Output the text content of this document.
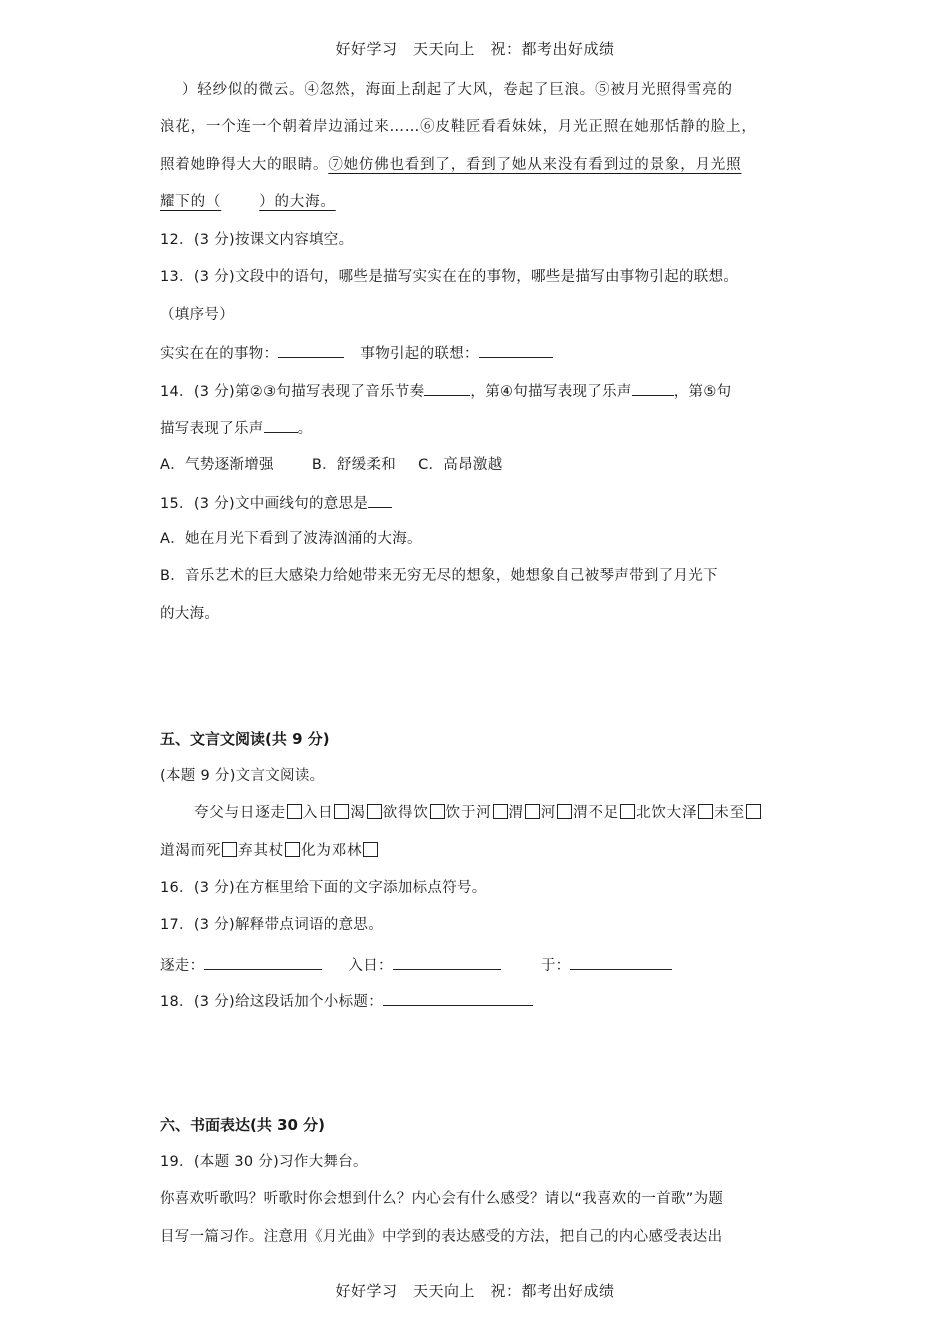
好好学习　天天向上　祝：都考出好成绩
）轻纱似的微云。④忽然，海面上刮起了大风，卷起了巨浪。⑤被月光照得雪亮的
浪花，一个连一个朝着岸边涌过来……⑥皮鞋匠看看妹妹，月光正照在她那恬静的脸上，
照着她睁得大大的眼睛。⑦她仿佛也看到了，看到了她从来没有看到过的景象，月光照
耀下的（	）的大海。
12．(3 分)按课文内容填空。
13．(3 分)文段中的语句，哪些是描写实实在在的事物，哪些是描写由事物引起的联想。
（填序号）
实实在在的事物：	事物引起的联想：
14．(3 分)第②③句描写表现了音乐节奏	，第④句描写表现了乐声	，第⑤句
描写表现了乐声 。
A．气势逐渐增强	B．舒缓柔和 C．高昂激越
15．(3 分)文中画线句的意思是
A．她在月光下看到了波涛汹涌的大海。
B．音乐艺术的巨大感染力给她带来无穷无尽的想象，她想象自己被琴声带到了月光下
的大海。
五、文言文阅读(共 9 分)
(本题 9 分)文言文阅读。
夸父与日逐走 入日 渴 欲得饮 饮于河 渭 河 渭不足 北饮大泽 未至
道渴而死 弃其杖 化为邓林
16．(3 分)在方框里给下面的文字添加标点符号。
17．(3 分)解释带点词语的意思。
逐走：	入日：	于：
18．(3 分)给这段话加个小标题：
六、书面表达(共 30 分)
19．(本题 30 分)习作大舞台。
你喜欢听歌吗？听歌时你会想到什么？内心会有什么感受？请以“我喜欢的一首歌”为题
目写一篇习作。注意用《月光曲》中学到的表达感受的方法，把自己的内心感受表达出
好好学习　天天向上　祝：都考出好成绩
